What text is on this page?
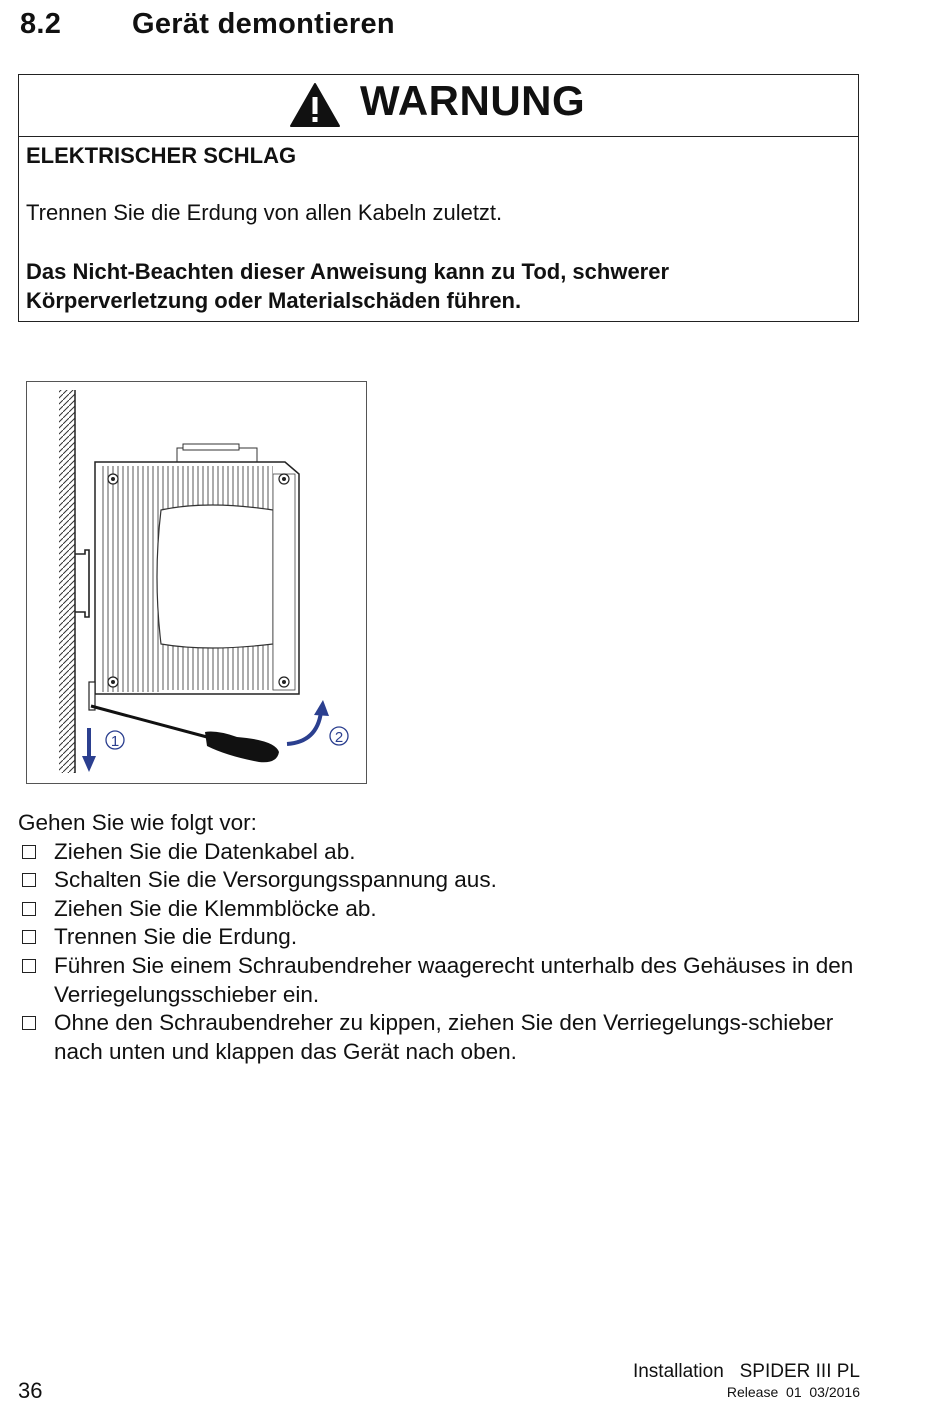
8.2 Gerät demontieren
WARNUNG
ELEKTRISCHER SCHLAG
Trennen Sie die Erdung von allen Kabeln zuletzt.
Das Nicht-Beachten dieser Anweisung kann zu Tod, schwerer Körperverletzung oder Materialschäden führen.
1	2

Gehen Sie wie folgt vor:

Ziehen Sie die Datenkabel ab.
Schalten Sie die Versorgungsspannung aus.
Ziehen Sie die Klemmblöcke ab.
Trennen Sie die Erdung.
Führen Sie einem Schraubendreher waagerecht unterhalb des Gehäuses in den Verriegelungsschieber ein.
Ohne den Schraubendreher zu kippen, ziehen Sie den Verriegelungs-schieber nach unten und klappen das Gerät nach oben.
36
Installation   SPIDER III PL
Release  01  03/2016
